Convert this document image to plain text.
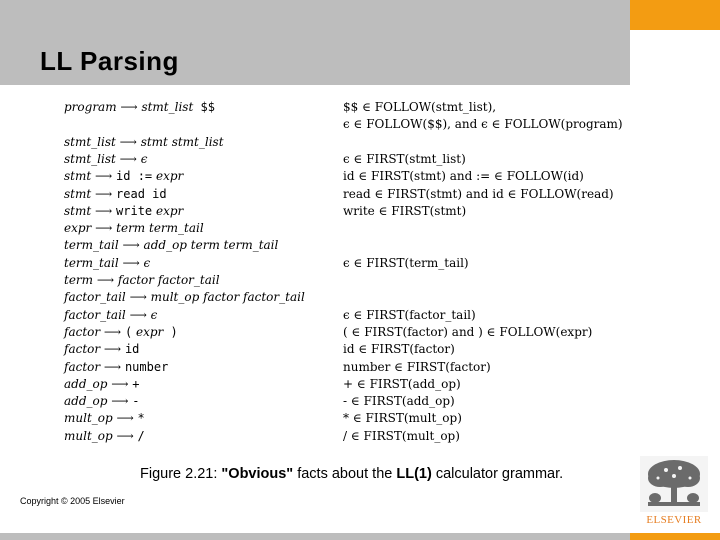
LL Parsing
program ⟶ stmt_list $$	$$ ∈ FOLLOW(stmt_list),
ϵ ∈ FOLLOW($$), and ϵ ∈ FOLLOW(program)
stmt_list ⟶ stmt stmt_list
stmt_list ⟶ ϵ	ϵ ∈ FIRST(stmt_list)
stmt ⟶ id := expr	id ∈ FIRST(stmt) and := ∈ FOLLOW(id)
stmt ⟶ read id	read ∈ FIRST(stmt) and id ∈ FOLLOW(read)
stmt ⟶ write expr	write ∈ FIRST(stmt)
expr ⟶ term term_tail
term_tail ⟶ add_op term term_tail
term_tail ⟶ ϵ	ϵ ∈ FIRST(term_tail)
term ⟶ factor factor_tail
factor_tail ⟶ mult_op factor factor_tail
factor_tail ⟶ ϵ	ϵ ∈ FIRST(factor_tail)
factor ⟶ ( expr )	( ∈ FIRST(factor) and ) ∈ FOLLOW(expr)
factor ⟶ id	id ∈ FIRST(factor)
factor ⟶ number	number ∈ FIRST(factor)
add_op ⟶ +	+ ∈ FIRST(add_op)
add_op ⟶ -	- ∈ FIRST(add_op)
mult_op ⟶ *	* ∈ FIRST(mult_op)
mult_op ⟶ /	/ ∈ FIRST(mult_op)
Figure 2.21: "Obvious" facts about the LL(1) calculator grammar.
Copyright © 2005 Elsevier
ELSEVIER
